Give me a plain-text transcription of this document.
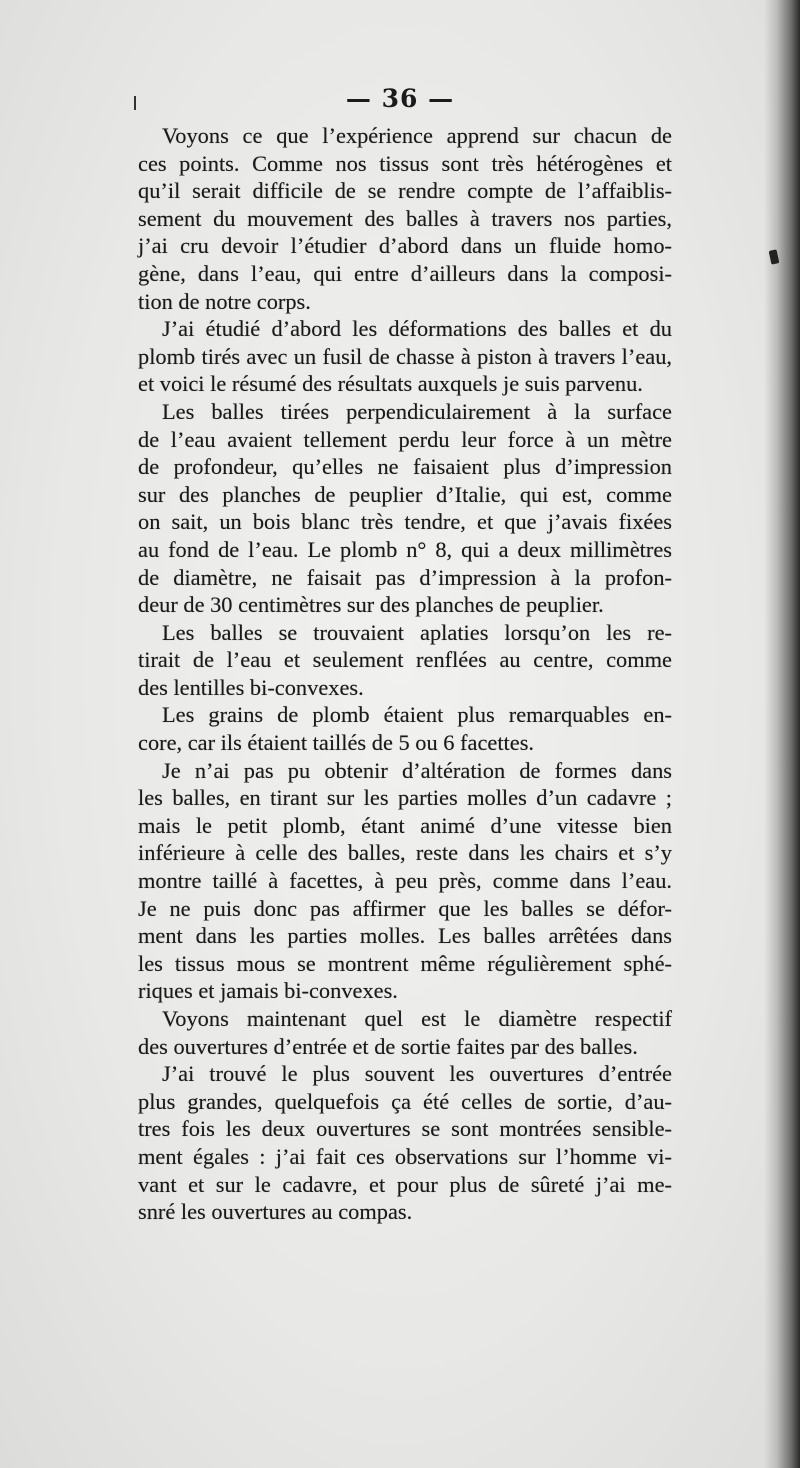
— 36 —
Voyons ce que l’expérience apprend sur chacun de
ces points. Comme nos tissus sont très hétérogènes et
qu’il serait difficile de se rendre compte de l’affaiblis-
sement du mouvement des balles à travers nos parties,
j’ai cru devoir l’étudier d’abord dans un fluide homo-
gène, dans l’eau, qui entre d’ailleurs dans la composi-
tion de notre corps.
J’ai étudié d’abord les déformations des balles et du
plomb tirés avec un fusil de chasse à piston à travers l’eau,
et voici le résumé des résultats auxquels je suis parvenu.
Les balles tirées perpendiculairement à la surface
de l’eau avaient tellement perdu leur force à un mètre
de profondeur, qu’elles ne faisaient plus d’impression
sur des planches de peuplier d’Italie, qui est, comme
on sait, un bois blanc très tendre, et que j’avais fixées
au fond de l’eau. Le plomb n° 8, qui a deux millimètres
de diamètre, ne faisait pas d’impression à la profon-
deur de 30 centimètres sur des planches de peuplier.
Les balles se trouvaient aplaties lorsqu’on les re-
tirait de l’eau et seulement renflées au centre, comme
des lentilles bi-convexes.
Les grains de plomb étaient plus remarquables en-
core, car ils étaient taillés de 5 ou 6 facettes.
Je n’ai pas pu obtenir d’altération de formes dans
les balles, en tirant sur les parties molles d’un cadavre ;
mais le petit plomb, étant animé d’une vitesse bien
inférieure à celle des balles, reste dans les chairs et s’y
montre taillé à facettes, à peu près, comme dans l’eau.
Je ne puis donc pas affirmer que les balles se défor-
ment dans les parties molles. Les balles arrêtées dans
les tissus mous se montrent même régulièrement sphé-
riques et jamais bi-convexes.
Voyons maintenant quel est le diamètre respectif
des ouvertures d’entrée et de sortie faites par des balles.
J’ai trouvé le plus souvent les ouvertures d’entrée
plus grandes, quelquefois ça été celles de sortie, d’au-
tres fois les deux ouvertures se sont montrées sensible-
ment égales : j’ai fait ces observations sur l’homme vi-
vant et sur le cadavre, et pour plus de sûreté j’ai me-
snré les ouvertures au compas.
